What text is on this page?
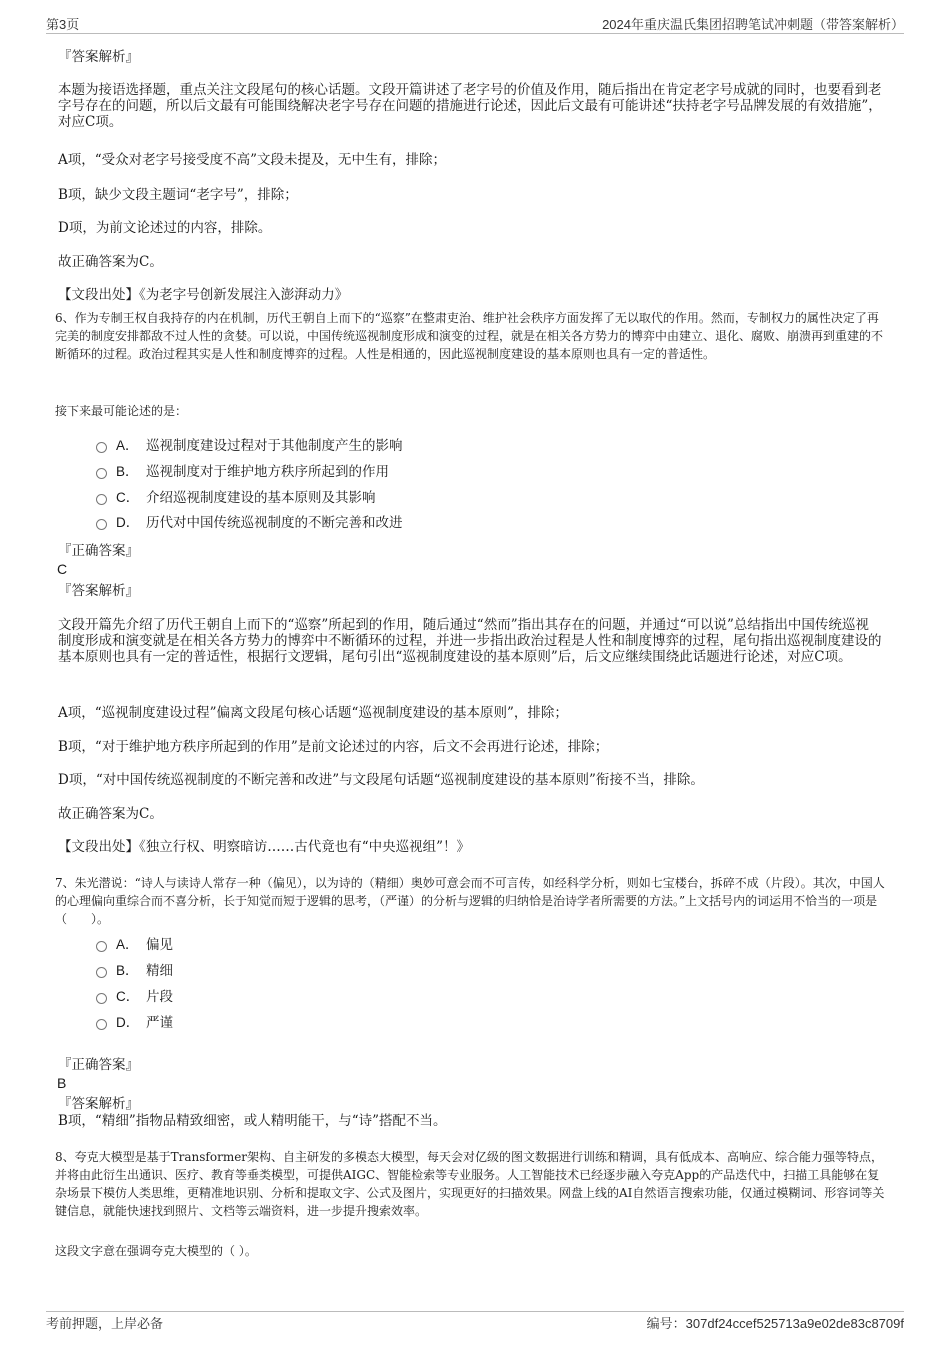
第3页	2024年重庆温氏集团招聘笔试冲刺题（带答案解析）
『答案解析』
本题为接语选择题，重点关注文段尾句的核心话题。文段开篇讲述了老字号的价值及作用，随后指出在肯定老字号成就的同时，也要看到老字号存在的问题，所以后文最有可能围绕解决老字号存在问题的措施进行论述，因此后文最有可能讲述“扶持老字号品牌发展的有效措施”，对应C项。
A项，“受众对老字号接受度不高”文段未提及，无中生有，排除；
B项，缺少文段主题词“老字号”，排除；
D项，为前文论述过的内容，排除。
故正确答案为C。
【文段出处】《为老字号创新发展注入澎湃动力》
6、作为专制王权自我持存的内在机制，历代王朝自上而下的“巡察”在整肃吏治、维护社会秩序方面发挥了无以取代的作用。然而，专制权力的属性决定了再完美的制度安排都敌不过人性的贪婪。可以说，中国传统巡视制度形成和演变的过程，就是在相关各方势力的博弈中由建立、退化、腐败、崩溃再到重建的不断循环的过程。政治过程其实是人性和制度博弈的过程。人性是相通的，因此巡视制度建设的基本原则也具有一定的普适性。
接下来最可能论述的是：
A． 巡视制度建设过程对于其他制度产生的影响
B． 巡视制度对于维护地方秩序所起到的作用
C． 介绍巡视制度建设的基本原则及其影响
D． 历代对中国传统巡视制度的不断完善和改进
『正确答案』
C
『答案解析』
文段开篇先介绍了历代王朝自上而下的“巡察”所起到的作用，随后通过“然而”指出其存在的问题，并通过“可以说”总结指出中国传统巡视制度形成和演变就是在相关各方势力的博弈中不断循环的过程，并进一步指出政治过程是人性和制度博弈的过程，尾句指出巡视制度建设的基本原则也具有一定的普适性，根据行文逻辑，尾句引出“巡视制度建设的基本原则”后，后文应继续围绕此话题进行论述，对应C项。
A项，“巡视制度建设过程”偏离文段尾句核心话题“巡视制度建设的基本原则”，排除；
B项，“对于维护地方秩序所起到的作用”是前文论述过的内容，后文不会再进行论述，排除；
D项，“对中国传统巡视制度的不断完善和改进”与文段尾句话题“巡视制度建设的基本原则”衔接不当，排除。
故正确答案为C。
【文段出处】《独立行权、明察暗访……古代竟也有“中央巡视组”！》
7、朱光潜说：“诗人与读诗人常存一种（偏见），以为诗的（精细）奥妙可意会而不可言传，如经科学分析，则如七宝楼台，拆碎不成（片段）。其次，中国人的心理偏向重综合而不喜分析，长于知觉而短于逻辑的思考，（严谨）的分析与逻辑的归纳恰是治诗学者所需要的方法。”上文括号内的词运用不恰当的一项是（　　）。
A． 偏见
B． 精细
C． 片段
D． 严谨
『正确答案』
B
『答案解析』
B项，“精细”指物品精致细密，或人精明能干，与“诗”搭配不当。
8、夸克大模型是基于Transformer架构、自主研发的多模态大模型，每天会对亿级的图文数据进行训练和精调，具有低成本、高响应、综合能力强等特点，并将由此衍生出通识、医疗、教育等垂类模型，可提供AIGC、智能检索等专业服务。人工智能技术已经逐步融入夸克App的产品迭代中，扫描工具能够在复杂场景下模仿人类思维，更精准地识别、分析和提取文字、公式及图片，实现更好的扫描效果。网盘上线的AI自然语言搜索功能，仅通过模糊词、形容词等关键信息，就能快速找到照片、文档等云端资料，进一步提升搜索效率。
这段文字意在强调夸克大模型的（ ）。
考前押题，上岸必备	编号：307df24ccef525713a9e02de83c8709f
